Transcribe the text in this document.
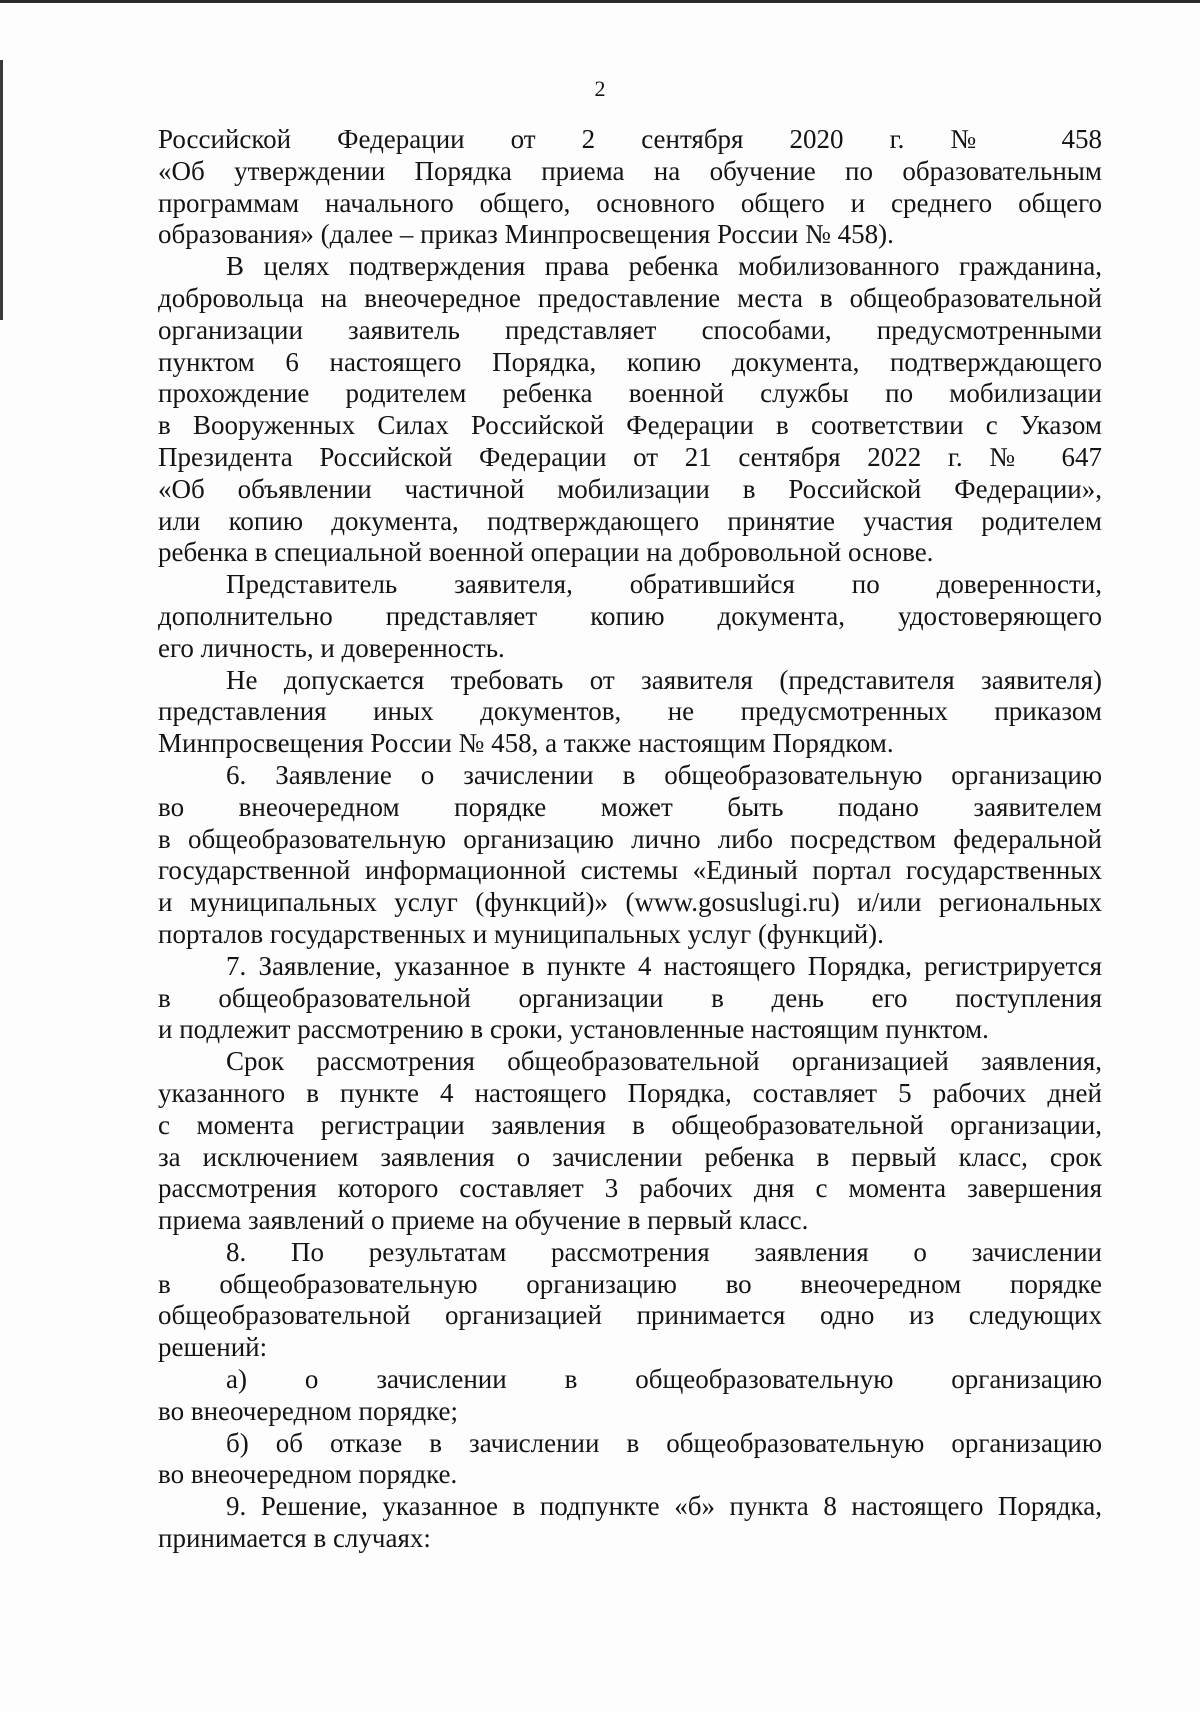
2
Российской Федерации от 2 сентября 2020 г. № 458
«Об утверждении Порядка приема на обучение по образовательным
программам начального общего, основного общего и среднего общего
образования» (далее – приказ Минпросвещения России № 458).
В целях подтверждения права ребенка мобилизованного гражданина,
добровольца на внеочередное предоставление места в общеобразовательной
организации заявитель представляет способами, предусмотренными
пунктом 6 настоящего Порядка, копию документа, подтверждающего
прохождение родителем ребенка военной службы по мобилизации
в Вооруженных Силах Российской Федерации в соответствии с Указом
Президента Российской Федерации от 21 сентября 2022 г. № 647
«Об объявлении частичной мобилизации в Российской Федерации»,
или копию документа, подтверждающего принятие участия родителем
ребенка в специальной военной операции на добровольной основе.
Представитель заявителя, обратившийся по доверенности,
дополнительно представляет копию документа, удостоверяющего
его личность, и доверенность.
Не допускается требовать от заявителя (представителя заявителя)
представления иных документов, не предусмотренных приказом
Минпросвещения России № 458, а также настоящим Порядком.
6. Заявление о зачислении в общеобразовательную организацию
во внеочередном порядке может быть подано заявителем
в общеобразовательную организацию лично либо посредством федеральной
государственной информационной системы «Единый портал государственных
и муниципальных услуг (функций)» (www.gosuslugi.ru) и/или региональных
порталов государственных и муниципальных услуг (функций).
7. Заявление, указанное в пункте 4 настоящего Порядка, регистрируется
в общеобразовательной организации в день его поступления
и подлежит рассмотрению в сроки, установленные настоящим пунктом.
Срок рассмотрения общеобразовательной организацией заявления,
указанного в пункте 4 настоящего Порядка, составляет 5 рабочих дней
с момента регистрации заявления в общеобразовательной организации,
за исключением заявления о зачислении ребенка в первый класс, срок
рассмотрения которого составляет 3 рабочих дня с момента завершения
приема заявлений о приеме на обучение в первый класс.
8. По результатам рассмотрения заявления о зачислении
в общеобразовательную организацию во внеочередном порядке
общеобразовательной организацией принимается одно из следующих
решений:
а) о зачислении в общеобразовательную организацию
во внеочередном порядке;
б) об отказе в зачислении в общеобразовательную организацию
во внеочередном порядке.
9. Решение, указанное в подпункте «б» пункта 8 настоящего Порядка,
принимается в случаях:
